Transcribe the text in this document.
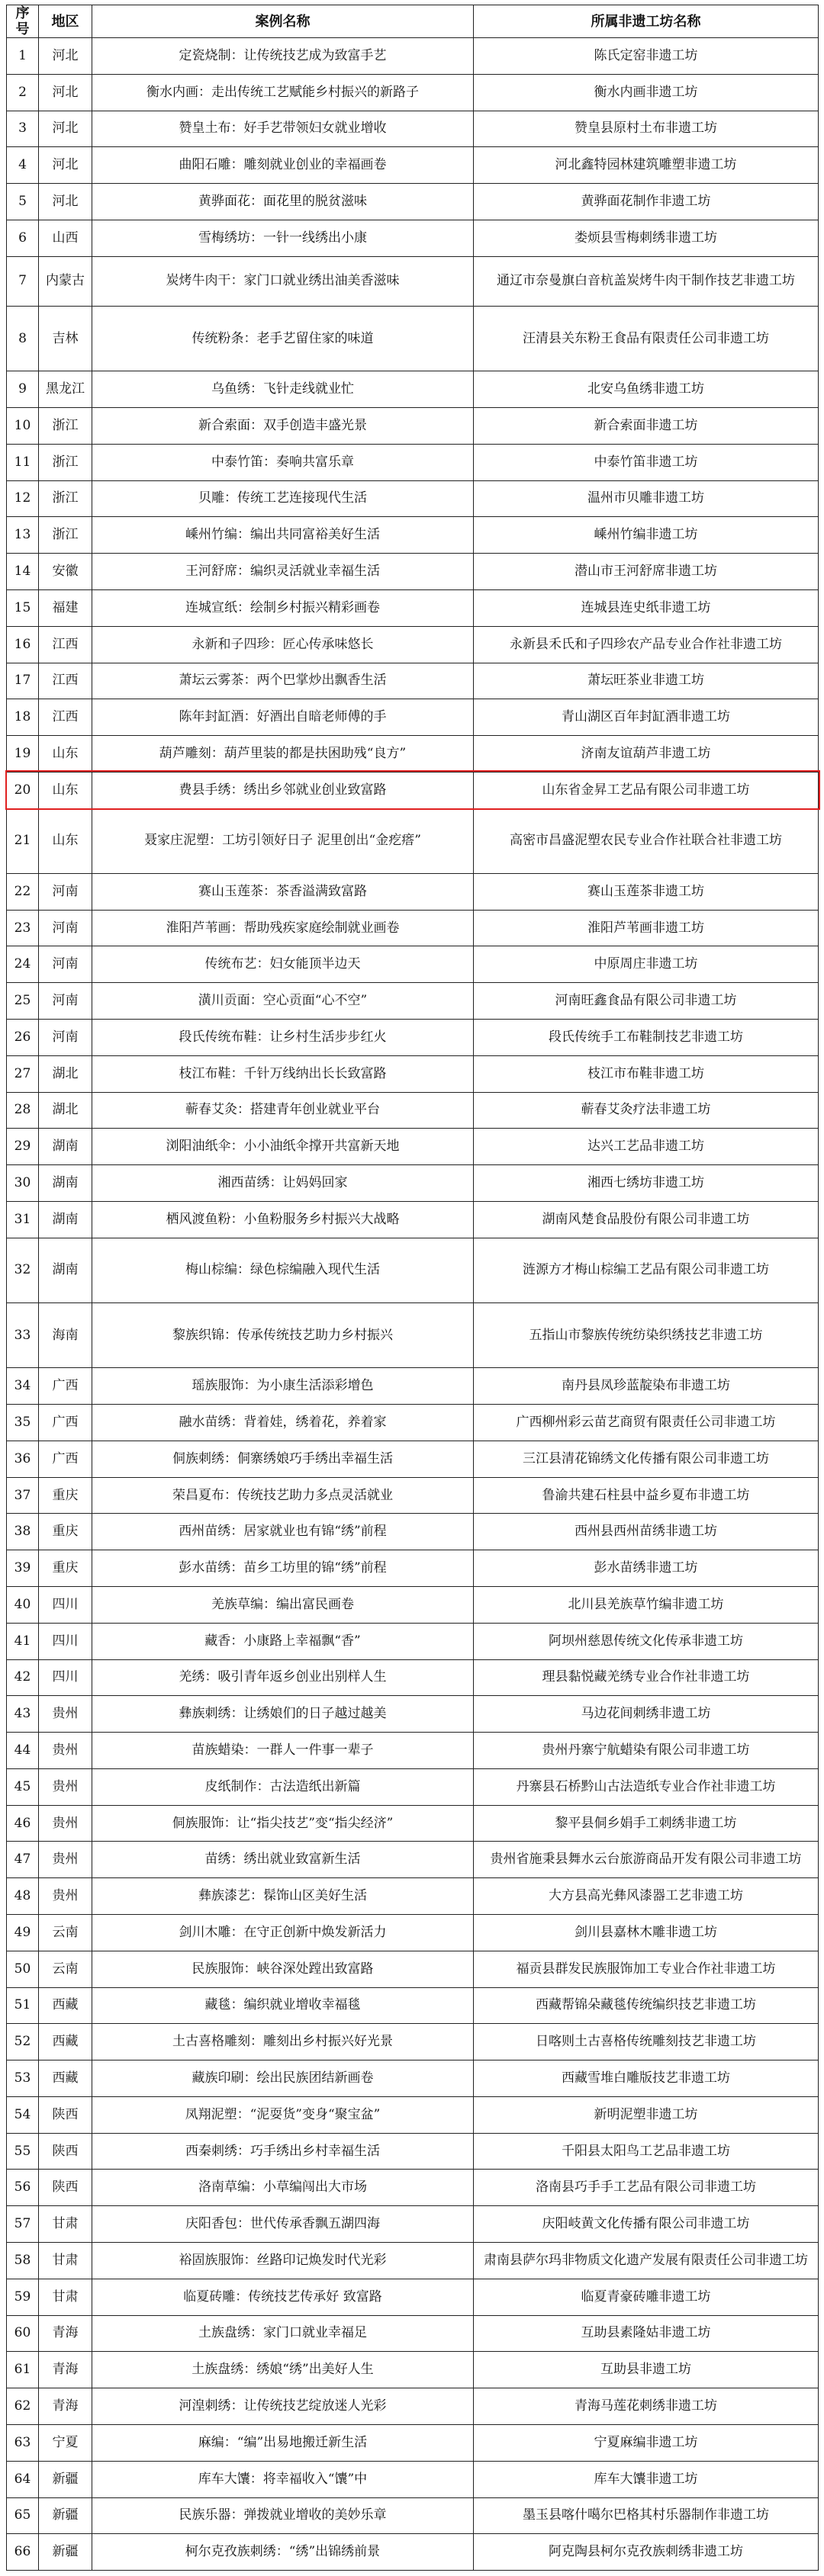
序号	地区	案例名称	所属非遗工坊名称
1	河北	定瓷烧制：让传统技艺成为致富手艺	陈氏定窑非遗工坊
2	河北	衡水内画：走出传统工艺赋能乡村振兴的新路子	衡水内画非遗工坊
3	河北	赞皇土布：好手艺带领妇女就业增收	赞皇县原村土布非遗工坊
4	河北	曲阳石雕：雕刻就业创业的幸福画卷	河北鑫特园林建筑雕塑非遗工坊
5	河北	黄骅面花：面花里的脱贫滋味	黄骅面花制作非遗工坊
6	山西	雪梅绣坊：一针一线绣出小康	娄烦县雪梅刺绣非遗工坊
7	内蒙古	炭烤牛肉干：家门口就业绣出油美香滋味	通辽市奈曼旗白音杭盖炭烤牛肉干制作技艺非遗工坊
8	吉林	传统粉条：老手艺留住家的味道	汪清县关东粉王食品有限责任公司非遗工坊
9	黑龙江	乌鱼绣：飞针走线就业忙	北安乌鱼绣非遗工坊
10	浙江	新合索面：双手创造丰盛光景	新合索面非遗工坊
11	浙江	中泰竹笛：奏响共富乐章	中泰竹笛非遗工坊
12	浙江	贝雕：传统工艺连接现代生活	温州市贝雕非遗工坊
13	浙江	嵊州竹编：编出共同富裕美好生活	嵊州竹编非遗工坊
14	安徽	王河舒席：编织灵活就业幸福生活	潜山市王河舒席非遗工坊
15	福建	连城宣纸：绘制乡村振兴精彩画卷	连城县连史纸非遗工坊
16	江西	永新和子四珍：匠心传承味悠长	永新县禾氏和子四珍农产品专业合作社非遗工坊
17	江西	萧坛云雾茶：两个巴掌炒出飘香生活	萧坛旺茶业非遗工坊
18	江西	陈年封缸酒：好酒出自暗老师傅的手	青山湖区百年封缸酒非遗工坊
19	山东	葫芦雕刻：葫芦里装的都是扶困助残“良方”	济南友谊葫芦非遗工坊
20	山东	费县手绣：绣出乡邻就业创业致富路	山东省金昇工艺品有限公司非遗工坊
21	山东	聂家庄泥塑：工坊引领好日子 泥里创出“金疙瘩”	高密市昌盛泥塑农民专业合作社联合社非遗工坊
22	河南	赛山玉莲茶：茶香溢满致富路	赛山玉莲茶非遗工坊
23	河南	淮阳芦苇画：帮助残疾家庭绘制就业画卷	淮阳芦苇画非遗工坊
24	河南	传统布艺：妇女能顶半边天	中原周庄非遗工坊
25	河南	潢川贡面：空心贡面“心不空”	河南旺鑫食品有限公司非遗工坊
26	河南	段氏传统布鞋：让乡村生活步步红火	段氏传统手工布鞋制技艺非遗工坊
27	湖北	枝江布鞋：千针万线纳出长长致富路	枝江市布鞋非遗工坊
28	湖北	蕲春艾灸：搭建青年创业就业平台	蕲春艾灸疗法非遗工坊
29	湖南	浏阳油纸伞：小小油纸伞撑开共富新天地	达兴工艺品非遗工坊
30	湖南	湘西苗绣：让妈妈回家	湘西七绣坊非遗工坊
31	湖南	栖风渡鱼粉：小鱼粉服务乡村振兴大战略	湖南风楚食品股份有限公司非遗工坊
32	湖南	梅山棕编：绿色棕编融入现代生活	涟源方才梅山棕编工艺品有限公司非遗工坊
33	海南	黎族织锦：传承传统技艺助力乡村振兴	五指山市黎族传统纺染织绣技艺非遗工坊
34	广西	瑶族服饰：为小康生活添彩增色	南丹县凤珍蓝靛染布非遗工坊
35	广西	融水苗绣：背着娃，绣着花，养着家	广西柳州彩云苗艺商贸有限责任公司非遗工坊
36	广西	侗族刺绣：侗寨绣娘巧手绣出幸福生活	三江县清花锦绣文化传播有限公司非遗工坊
37	重庆	荣昌夏布：传统技艺助力多点灵活就业	鲁渝共建石柱县中益乡夏布非遗工坊
38	重庆	西州苗绣：居家就业也有锦“绣”前程	西州县西州苗绣非遗工坊
39	重庆	彭水苗绣：苗乡工坊里的锦“绣”前程	彭水苗绣非遗工坊
40	四川	羌族草编：编出富民画卷	北川县羌族草竹编非遗工坊
41	四川	藏香：小康路上幸福飘“香”	阿坝州慈恩传统文化传承非遗工坊
42	四川	羌绣：吸引青年返乡创业出别样人生	理县黏悦藏羌绣专业合作社非遗工坊
43	贵州	彝族刺绣：让绣娘们的日子越过越美	马边花间刺绣非遗工坊
44	贵州	苗族蜡染：一群人一件事一辈子	贵州丹寨宁航蜡染有限公司非遗工坊
45	贵州	皮纸制作：古法造纸出新篇	丹寨县石桥黔山古法造纸专业合作社非遗工坊
46	贵州	侗族服饰：让“指尖技艺”变“指尖经济”	黎平县侗乡娟手工刺绣非遗工坊
47	贵州	苗绣：绣出就业致富新生活	贵州省施秉县舞水云台旅游商品开发有限公司非遗工坊
48	贵州	彝族漆艺：髹饰山区美好生活	大方县高光彝风漆器工艺非遗工坊
49	云南	剑川木雕：在守正创新中焕发新活力	剑川县嘉林木雕非遗工坊
50	云南	民族服饰：峡谷深处蹚出致富路	福贡县群发民族服饰加工专业合作社非遗工坊
51	西藏	藏毯：编织就业增收幸福毯	西藏帮锦朵藏毯传统编织技艺非遗工坊
52	西藏	土古喜格雕刻：雕刻出乡村振兴好光景	日喀则土古喜格传统雕刻技艺非遗工坊
53	西藏	藏族印刷：绘出民族团结新画卷	西藏雪堆白雕版技艺非遗工坊
54	陕西	凤翔泥塑：“泥耍货”变身“聚宝盆”	新明泥塑非遗工坊
55	陕西	西秦刺绣：巧手绣出乡村幸福生活	千阳县太阳鸟工艺品非遗工坊
56	陕西	洛南草编：小草编闯出大市场	洛南县巧手手工艺品有限公司非遗工坊
57	甘肃	庆阳香包：世代传承香飘五湖四海	庆阳岐黄文化传播有限公司非遗工坊
58	甘肃	裕固族服饰：丝路印记焕发时代光彩	肃南县萨尔玛非物质文化遗产发展有限责任公司非遗工坊
59	甘肃	临夏砖雕：传统技艺传承好 致富路	临夏青豪砖雕非遗工坊
60	青海	土族盘绣：家门口就业幸福足	互助县素隆姑非遗工坊
61	青海	土族盘绣：绣娘“绣”出美好人生	互助县非遗工坊
62	青海	河湟刺绣：让传统技艺绽放迷人光彩	青海马莲花刺绣非遗工坊
63	宁夏	麻编：“编”出易地搬迁新生活	宁夏麻编非遗工坊
64	新疆	库车大馕：将幸福收入“馕”中	库车大馕非遗工坊
65	新疆	民族乐器：弹拨就业增收的美妙乐章	墨玉县喀什噶尔巴格其村乐器制作非遗工坊
66	新疆	柯尔克孜族刺绣：“绣”出锦绣前景	阿克陶县柯尔克孜族刺绣非遗工坊
